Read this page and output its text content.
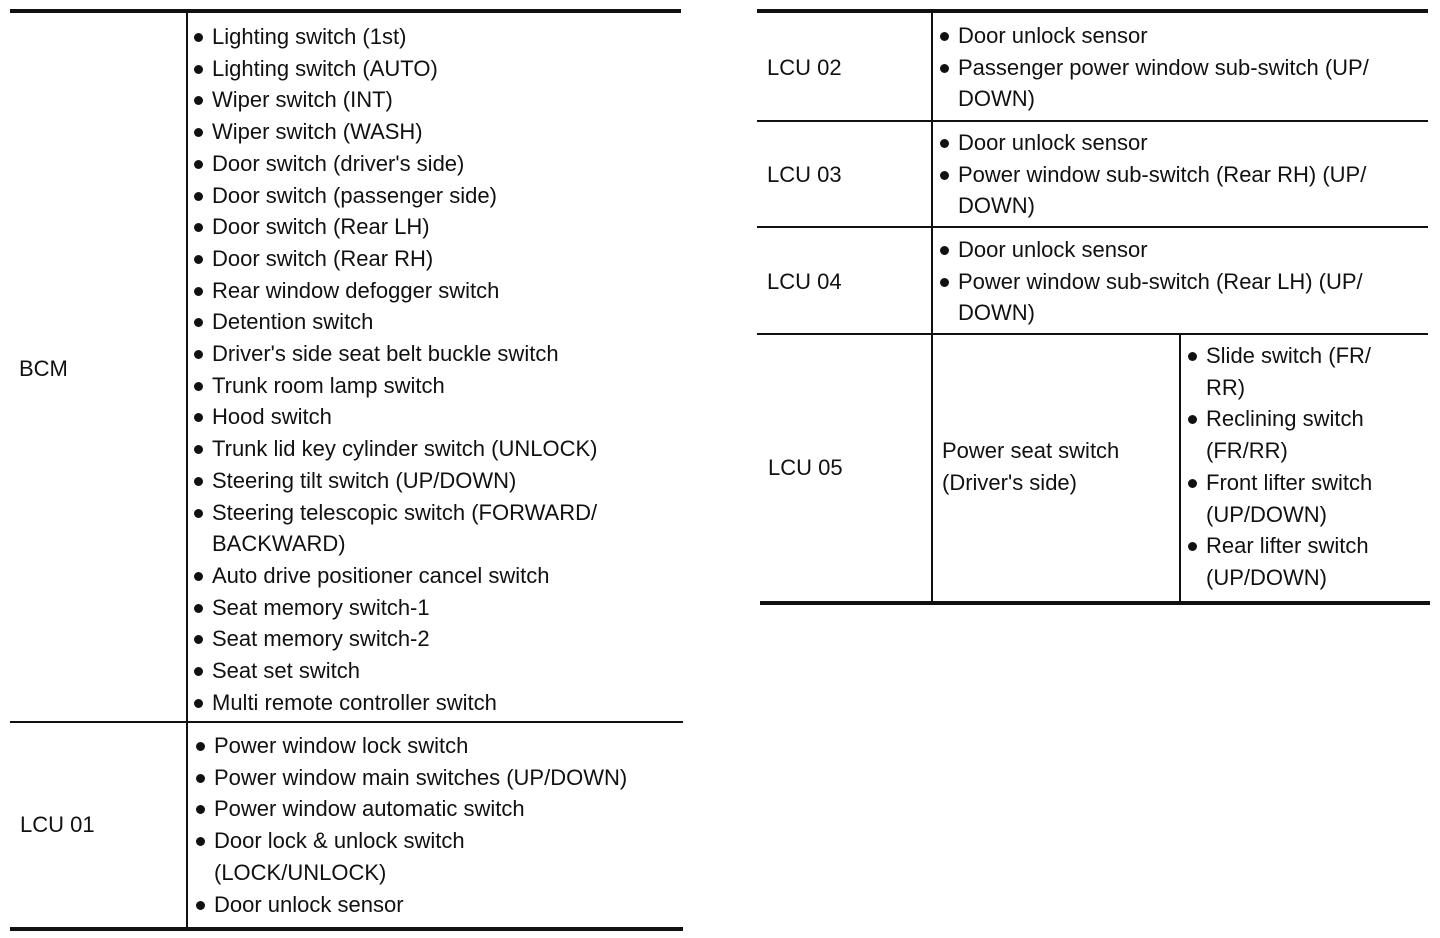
BCM
Lighting switch (1st)
Lighting switch (AUTO)
Wiper switch (INT)
Wiper switch (WASH)
Door switch (driver's side)
Door switch (passenger side)
Door switch (Rear LH)
Door switch (Rear RH)
Rear window defogger switch
Detention switch
Driver's side seat belt buckle switch
Trunk room lamp switch
Hood switch
Trunk lid key cylinder switch (UNLOCK)
Steering tilt switch (UP/DOWN)
Steering telescopic switch (FORWARD/
BACKWARD)
Auto drive positioner cancel switch
Seat memory switch-1
Seat memory switch-2
Seat set switch
Multi remote controller switch
LCU 01
Power window lock switch
Power window main switches (UP/DOWN)
Power window automatic switch
Door lock & unlock switch
(LOCK/UNLOCK)
Door unlock sensor
LCU 02
Door unlock sensor
Passenger power window sub-switch (UP/
DOWN)
LCU 03
Door unlock sensor
Power window sub-switch (Rear RH) (UP/
DOWN)
LCU 04
Door unlock sensor
Power window sub-switch (Rear LH) (UP/
DOWN)
LCU 05
Power seat switch
(Driver's side)
Slide switch (FR/
RR)
Reclining switch
(FR/RR)
Front lifter switch
(UP/DOWN)
Rear lifter switch
(UP/DOWN)
